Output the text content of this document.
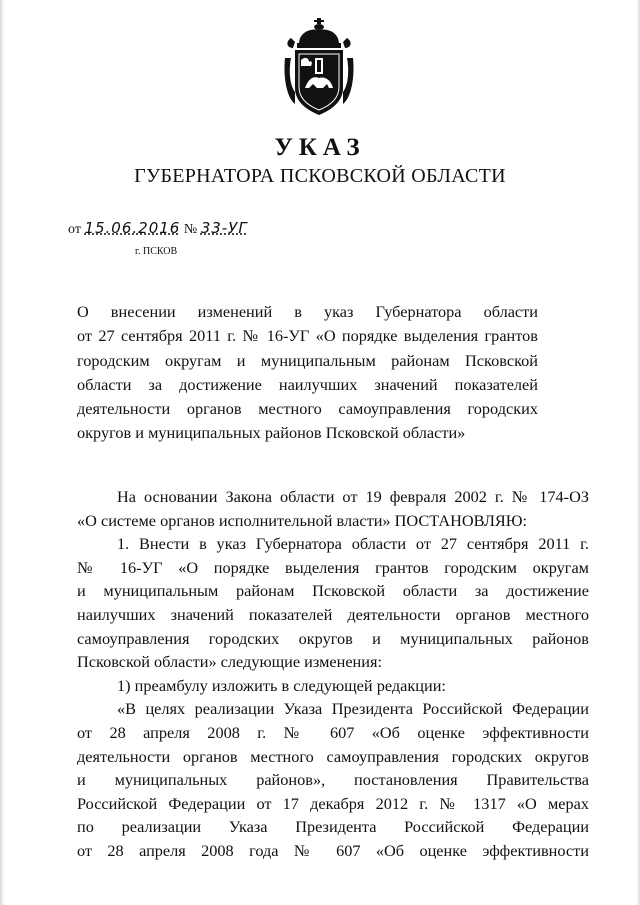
УКАЗ
ГУБЕРНАТОРА ПСКОВСКОЙ ОБЛАСТИ
от 15.06.2016 № 33-УГ
г. ПСКОВ
О внесении изменений в указ Губернатора области
от 27 сентября 2011 г. № 16-УГ «О порядке выделения грантов
городским округам и муниципальным районам Псковской
области за достижение наилучших значений показателей
деятельности органов местного самоуправления городских
округов и муниципальных районов Псковской области»
На основании Закона области от 19 февраля 2002 г. № 174-ОЗ
«О системе органов исполнительной власти» ПОСТАНОВЛЯЮ:
1. Внести в указ Губернатора области от 27 сентября 2011 г.
№ 16-УГ «О порядке выделения грантов городским округам
и муниципальным районам Псковской области за достижение
наилучших значений показателей деятельности органов местного
самоуправления городских округов и муниципальных районов
Псковской области» следующие изменения:
1) преамбулу изложить в следующей редакции:
«В целях реализации Указа Президента Российской Федерации
от 28 апреля 2008 г. № 607 «Об оценке эффективности
деятельности органов местного самоуправления городских округов
и муниципальных районов», постановления Правительства
Российской Федерации от 17 декабря 2012 г. № 1317 «О мерах
по реализации Указа Президента Российской Федерации
от 28 апреля 2008 года № 607 «Об оценке эффективности
